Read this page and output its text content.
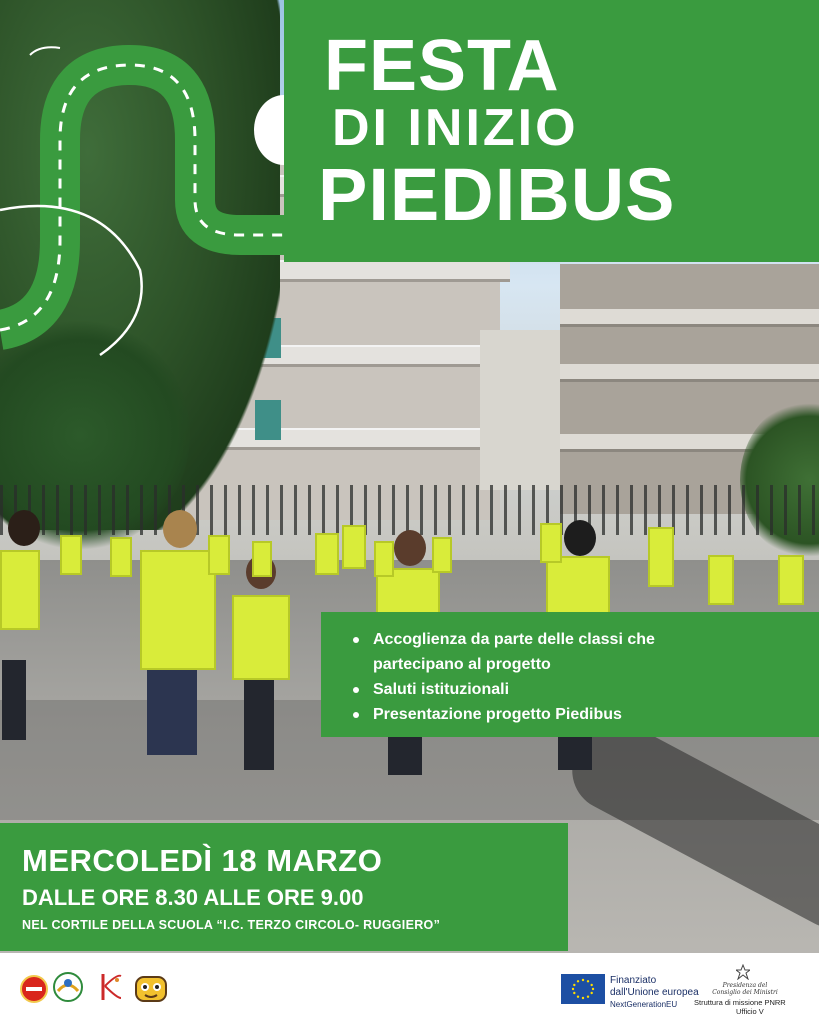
FESTA
DI INIZIO
PIEDIBUS
Accoglienza da parte delle classi che
partecipano al progetto
Saluti istituzionali
Presentazione progetto Piedibus
MERCOLEDÌ 18 MARZO
DALLE ORE 8.30 ALLE ORE 9.00
NEL CORTILE DELLA SCUOLA “I.C. TERZO CIRCOLO- RUGGIERO”
Finanziato
dall'Unione europea
NextGenerationEU
Presidenza del Consiglio dei Ministri
Struttura di missione PNRR
Ufficio V
